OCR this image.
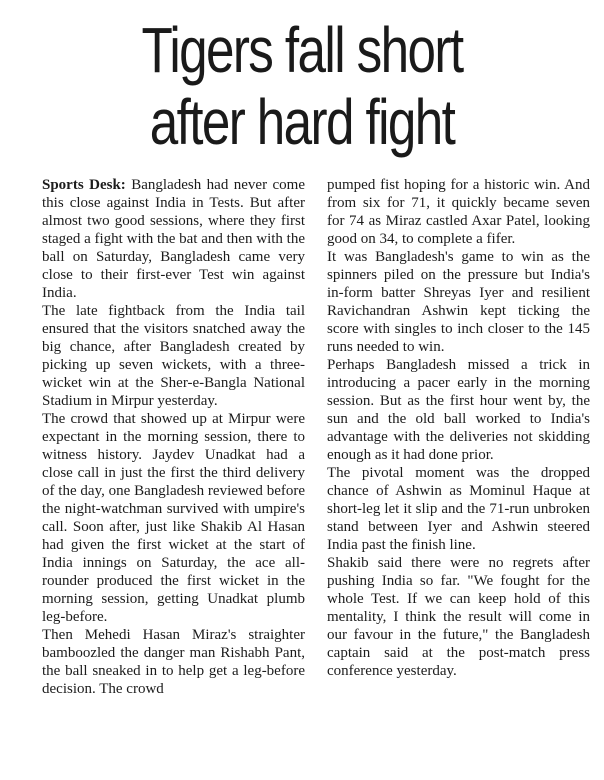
Tigers fall short
after hard fight

Sports Desk: Bangladesh had never come this close against India in Tests. But after almost two good sessions, where they first staged a fight with the bat and then with the ball on Saturday, Bangladesh came very close to their first-ever Test win against India.

The late fightback from the India tail ensured that the visitors snatched away the big chance, after Bangladesh created by picking up seven wickets, with a three-wicket win at the Sher-e-Bangla National Stadium in Mirpur yesterday.

The crowd that showed up at Mirpur were expectant in the morning session, there to witness history. Jaydev Unadkat had a close call in just the first the third delivery of the day, one Bangladesh reviewed before the night-watchman survived with umpire's call. Soon after, just like Shakib Al Hasan had given the first wicket at the start of India innings on Saturday, the ace all-rounder produced the first wicket in the morning session, getting Unadkat plumb leg-before.

Then Mehedi Hasan Miraz's straighter bamboozled the danger man Rishabh Pant, the ball sneaked in to help get a leg-before decision. The crowd

pumped fist hoping for a historic win. And from six for 71, it quickly became seven for 74 as Miraz castled Axar Patel, looking good on 34, to complete a fifer.

It was Bangladesh's game to win as the spinners piled on the pressure but India's in-form batter Shreyas Iyer and resilient Ravichandran Ashwin kept ticking the score with singles to inch closer to the 145 runs needed to win.

Perhaps Bangladesh missed a trick in introducing a pacer early in the morning session. But as the first hour went by, the sun and the old ball worked to India's advantage with the deliveries not skidding enough as it had done prior.

The pivotal moment was the dropped chance of Ashwin as Mominul Haque at short-leg let it slip and the 71-run unbroken stand between Iyer and Ashwin steered India past the finish line.

Shakib said there were no regrets after pushing India so far. "We fought for the whole Test. If we can keep hold of this mentality, I think the result will come in our favour in the future," the Bangladesh captain said at the post-match press conference yesterday.
